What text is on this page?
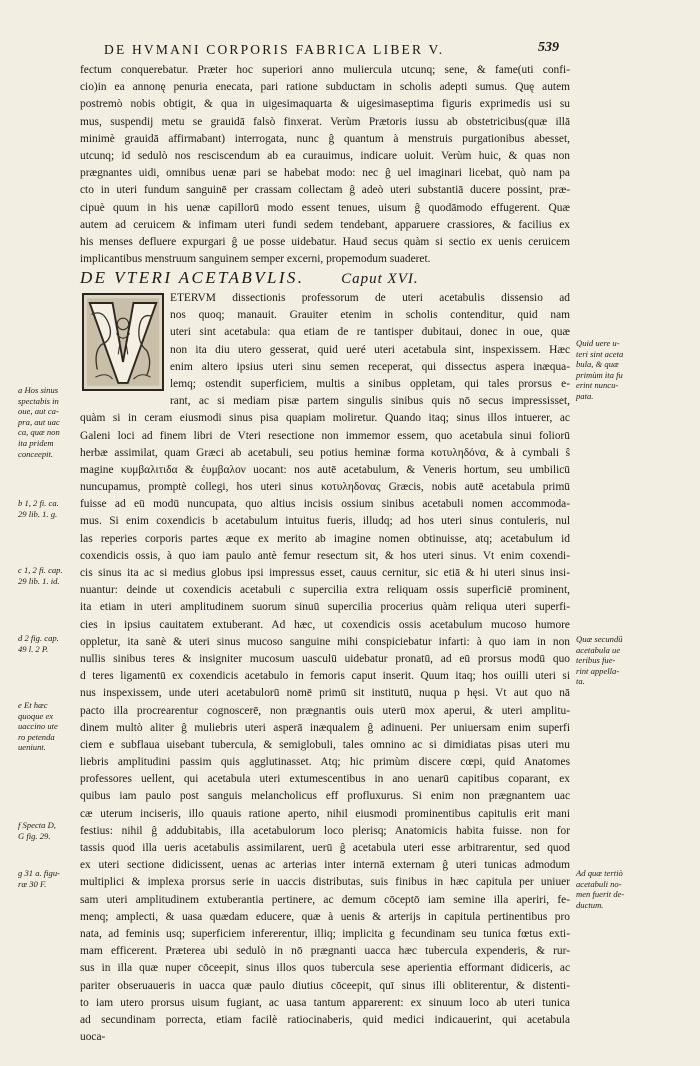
DE HVMANI CORPORIS FABRICA LIBER V.	539
fectum conquerebatur. Præter hoc superiori anno muliercula utcunq; sene, & fame(uti confi-
cio)in ea annonę penuria enecata, pari ratione subductam in scholis adepti sumus. Quę autem
postremò nobis obtigit, & qua in uigesimaquarta & uigesimaseptima figuris exprimedis usi su
mus, suspendij metu se grauidā falsò finxerat. Verùm Prætoris iussu ab obstetricibus(quæ illā
minimè grauidā affirmabant) interrogata, nunc ĝ quantum à menstruis purgationibus abesset,
utcunq; id sedulò nos resciscendum ab ea curauimus, indicare uoluit. Verùm huic, & quas non
prægnantes uidi, omnibus uenæ pari se habebat modo: nec ĝ uel imaginari licebat, quò nam pa
cto in uteri fundum sanguinē per crassam collectam ĝ adeò uteri substantiā ducere possint, præ-
cipuè quum in his uenæ capillorū modo essent tenues, uisum ĝ quodāmodo effugerent. Quæ
autem ad ceruicem & infimam uteri fundi sedem tendebant, apparuere crassiores, & facilius ex
his menses defluere expurgari ĝ ue posse uidebatur. Haud secus quàm si sectio ex uenis ceruicem
implicantibus menstruum sanguinem semper excerni, propemodum suaderet.
DE VTERI ACETABVLIS. Caput XVI.
ETERVM dissectionis professorum de uteri acetabulis dissensio ad
nos quoq; manauit. Grauiter etenim in scholis contenditur, quid nam
uteri sint acetabula: qua etiam de re tantisper dubitaui, donec in oue, quæ
non ita diu utero gesserat, quid ueré uteri acetabula sint, inspexissem. Hæc
enim altero ipsius uteri sinu semen receperat, qui dissectus aspera inæqua-
lemq; ostendit superficiem, multis a sinibus oppletam, qui tales prorsus e-
rant, ac si mediam pisæ partem singulis sinibus quis nō secus impressisset,
quàm si in ceram eiusmodi sinus pisa quapiam moliretur. Quando itaq; sinus illos intuerer, ac
Galeni loci ad finem libri de Vteri resectione non immemor essem, quo acetabula sinui foliorū
herbæ assimilat, quam Græci ab acetabuli, seu potius heminæ forma κοτυληδόνα, & à cymbali ŝ
magine κυμβαλιτιδα & ἐυμβαλον uocant: nos autē acetabulum, & Veneris hortum, seu umbilicū
nuncupamus, promptè collegi, hos uteri sinus κοτυληδονας Græcis, nobis autē acetabula primū
fuisse ad eū modū nuncupata, quo altius incisis ossium sinibus acetabuli nomen accommoda-
mus. Si enim coxendicis b acetabulum intuitus fueris, illudq; ad hos uteri sinus contuleris, nul
las reperies corporis partes æque ex merito ab imagine nomen obtinuisse, atq; acetabulum id
coxendicis ossis, à quo iam paulo antè femur resectum sit, & hos uteri sinus. Vt enim coxendi-
cis sinus ita ac si medius globus ipsi impressus esset, cauus cernitur, sic etiā & hi uteri sinus insi-
nuantur: deinde ut coxendicis acetabuli c supercilia extra reliquam ossis superficiē prominent,
ita etiam in uteri amplitudinem suorum sinuū supercilia procerius quàm reliqua uteri superfi-
cies in ipsius cauitatem extuberant. Ad hæc, ut coxendicis ossis acetabulum mucoso humore
oppletur, ita sanè & uteri sinus mucoso sanguine mihi conspiciebatur infarti: à quo iam in non
nullis sinibus teres & insigniter mucosum uasculū uidebatur pronatū, ad eū prorsus modū quo
d teres ligamentū ex coxendicis acetabulo in femoris caput inserit. Quum itaq; hos ouilli uteri si
nus inspexissem, unde uteri acetabulorū nomē primū sit institutū, nuqua p hęsi. Vt aut quo nā
pacto illa procrearentur cognoscerē, non prægnantis ouis uterū mox aperui, & uteri amplitu-
dinem multò aliter ĝ muliebris uteri asperā inæqualem ĝ adinueni. Per uniuersam enim superfi
ciem e subflaua uisebant tubercula, & semiglobuli, tales omnino ac si dimidiatas pisas uteri mu
liebris amplitudini passim quis agglutinasset. Atq; hic primùm discere cœpi, quid Anatomes
professores uellent, qui acetabula uteri extumescentibus in ano uenarū capitibus coparant, ex
quibus iam paulo post sanguis melancholicus eff profluxurus. Si enim non prægnantem uac
cæ uterum inciseris, illo quauis ratione aperto, nihil eiusmodi prominentibus capitulis erit mani
festius: nihil ĝ addubitabis, illa acetabulorum loco plerisq; Anatomicis habita fuisse. non for
tassis quod illa ueris acetabulis assimilarent, uerū ĝ acetabula uteri esse arbitrarentur, sed quod
ex uteri sectione didicissent, uenas ac arterias inter internā externam ĝ uteri tunicas admodum
multiplici & implexa prorsus serie in uaccis distributas, suis finibus in hæc capitula per uniuer
sam uteri amplitudinem extuberantia pertinere, ac demum cōceptō iam semine illa aperiri, fe-
menq; amplecti, & uasa quædam educere, quæ à uenis & arterijs in capitula pertinentibus pro
nata, ad feminis usq; superficiem infererentur, illiq; implicita g fecundinam seu tunica fœtus exti-
mam efficerent. Præterea ubi sedulò in nō prægnanti uacca hæc tubercula expenderis, & rur-
sus in illa quæ nuper cōceepit, sinus illos quos tubercula sese aperientia efformant didiceris, ac
pariter obseruaueris in uacca quæ paulo diutius cōceepit, quī sinus illi obliterentur, & distenti-
to iam utero prorsus uisum fugiant, ac uasa tantum apparerent: ex sinuum loco ab uteri tunica
ad secundinam porrecta, etiam facilè ratiocinaberis, quid medici indicauerint, qui acetabula
uoca-
a Hos sinus
spectabis in
oue, aut ca-
pra, aut uac
ca, quæ non
ita pridem
conceepit.
b 1, 2 fi. ca.
29 lib. 1. g.
c 1, 2 fi. cap.
29 lib. 1. id.
d 2 fig. cap.
49 l. 2 P.
e Et hæc
quoque ex
uaccino ute
ro petenda
ueniunt.
f Specta D,
G fig. 29.
g 31 a. figu-
ræ 30 F.
Quid uere u-
teri sint aceta
bula, & quæ
primùm ita fu
erint nuncu-
pata.
Quæ secundū
acetabula ue
teribus fue-
rint appella-
ta.
Ad quæ tertiò
acetabuli no-
men fuerit de-
ductum.
